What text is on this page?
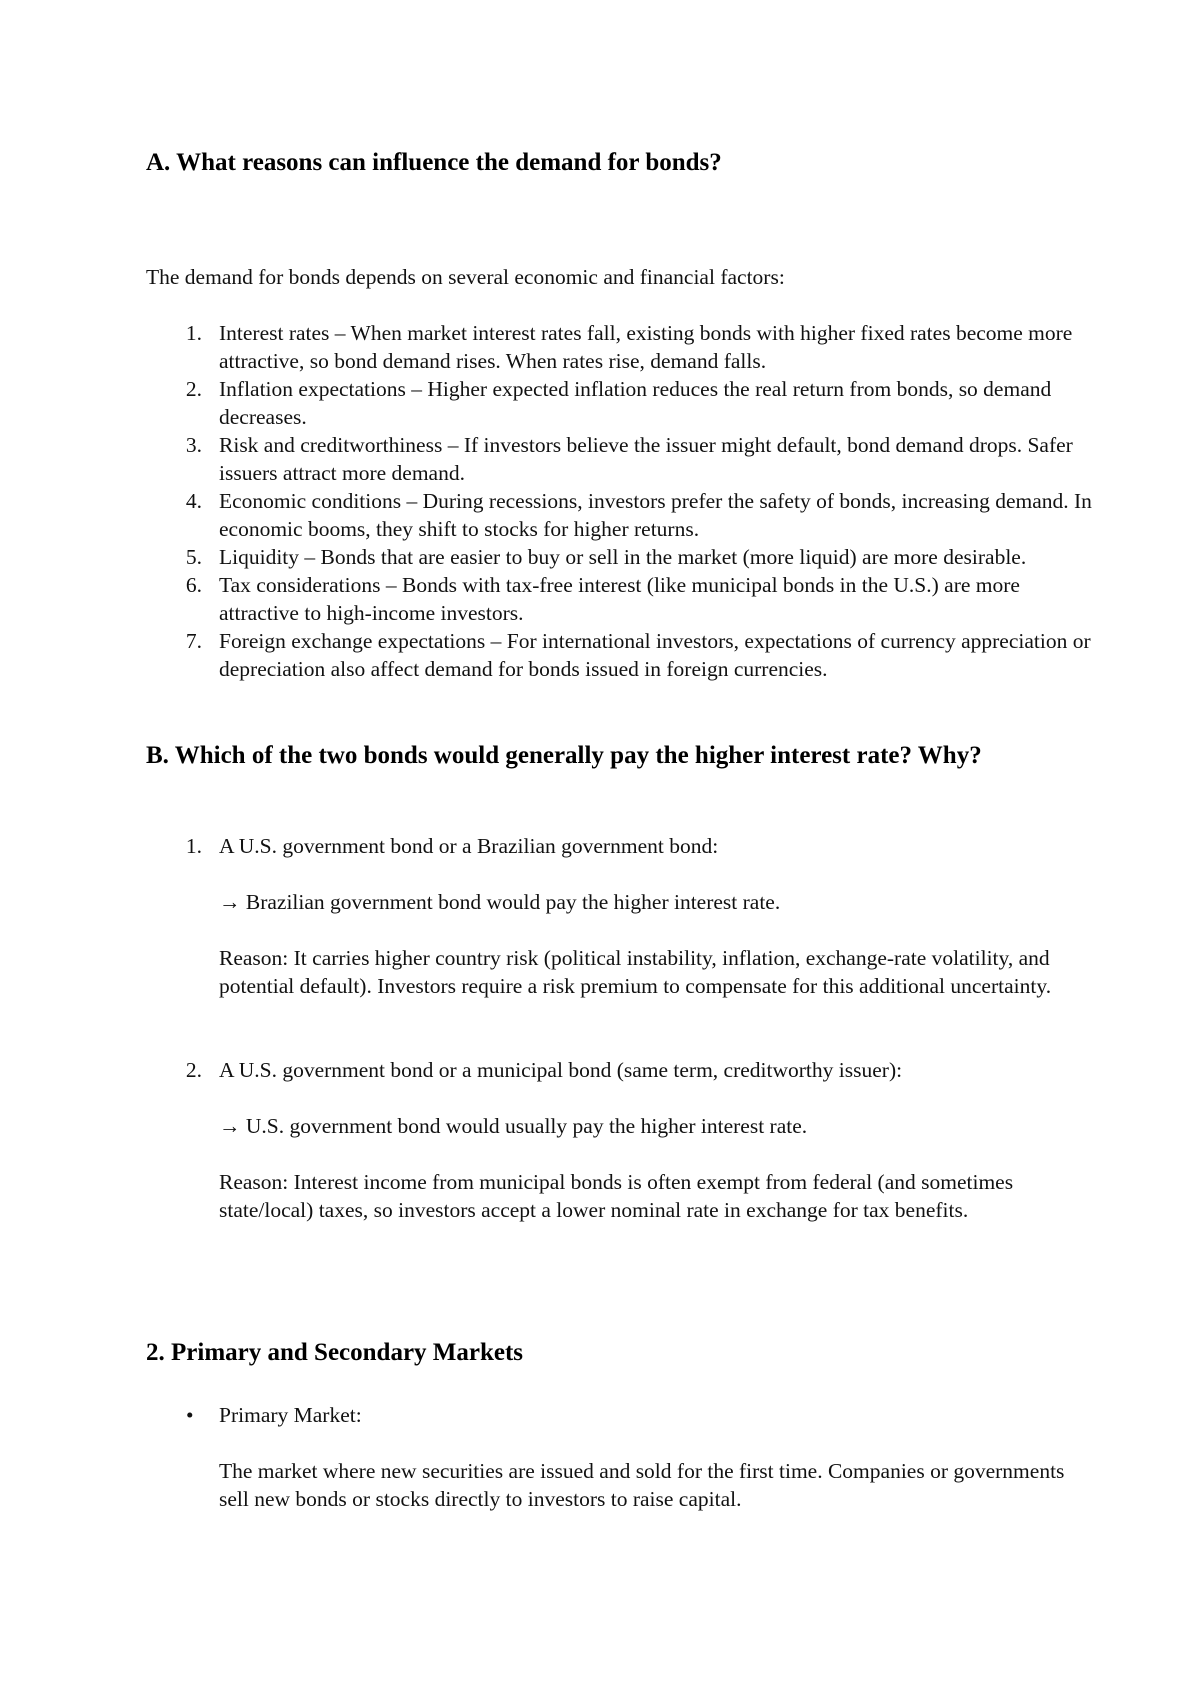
A. What reasons can influence the demand for bonds?

The demand for bonds depends on several economic and financial factors:

1. Interest rates – When market interest rates fall, existing bonds with higher fixed rates become more attractive, so bond demand rises. When rates rise, demand falls.
2. Inflation expectations – Higher expected inflation reduces the real return from bonds, so demand decreases.
3. Risk and creditworthiness – If investors believe the issuer might default, bond demand drops. Safer issuers attract more demand.
4. Economic conditions – During recessions, investors prefer the safety of bonds, increasing demand. In economic booms, they shift to stocks for higher returns.
5. Liquidity – Bonds that are easier to buy or sell in the market (more liquid) are more desirable.
6. Tax considerations – Bonds with tax-free interest (like municipal bonds in the U.S.) are more attractive to high-income investors.
7. Foreign exchange expectations – For international investors, expectations of currency appreciation or depreciation also affect demand for bonds issued in foreign currencies.
B. Which of the two bonds would generally pay the higher interest rate? Why?
1. A U.S. government bond or a Brazilian government bond:
→ Brazilian government bond would pay the higher interest rate.
Reason: It carries higher country risk (political instability, inflation, exchange-rate volatility, and potential default). Investors require a risk premium to compensate for this additional uncertainty.
2. A U.S. government bond or a municipal bond (same term, creditworthy issuer):
→ U.S. government bond would usually pay the higher interest rate.
Reason: Interest income from municipal bonds is often exempt from federal (and sometimes state/local) taxes, so investors accept a lower nominal rate in exchange for tax benefits.
2. Primary and Secondary Markets
• Primary Market:
The market where new securities are issued and sold for the first time. Companies or governments sell new bonds or stocks directly to investors to raise capital.
